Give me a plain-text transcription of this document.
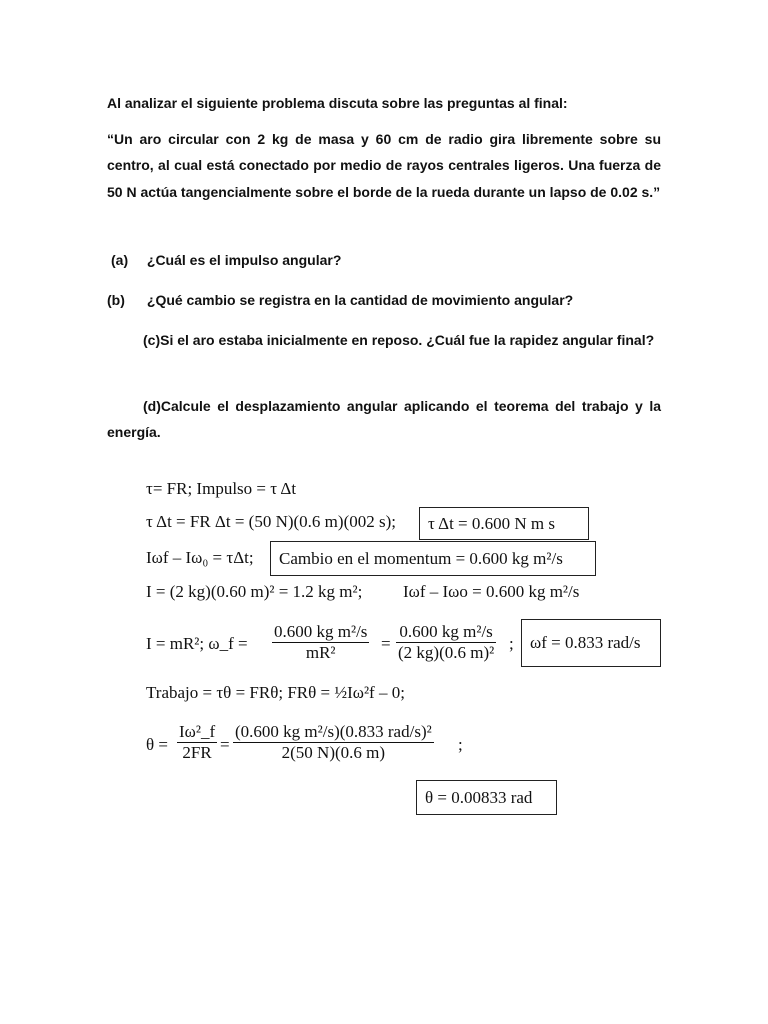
Al analizar el siguiente problema discuta sobre las preguntas al final:

“Un aro circular con 2 kg de masa y 60 cm de radio gira libremente sobre su centro, al cual está conectado por medio de rayos centrales ligeros. Una fuerza de 50 N actúa tangencialmente sobre el borde de la rueda durante un lapso de 0.02 s.”

(a) ¿Cuál es el impulso angular?

(b) ¿Qué cambio se registra en la cantidad de movimiento angular?

(c)Si el aro estaba inicialmente en reposo. ¿Cuál fue la rapidez angular final?

(d)Calcule el desplazamiento angular aplicando el teorema del trabajo y la energía.

τ= FR; Impulso = τ Δt
τ Δt = FR Δt = (50 N)(0.6 m)(002 s);	τ Δt = 0.600 N m s
Iωf – Iω₀ = τΔt;	Cambio en el momentum = 0.600 kg m²/s
I = (2 kg)(0.60 m)² = 1.2 kg m²; Iωf – Iωo = 0.600 kg m²/s
I = mR²; ω_f = $\frac{\text{0.600 kg m²/s}}{\text{mR²}} = \frac{\text{0.600 kg m²/s}}{\text{(2 kg)(0.6 m)²}}$ ; ωf = 0.833 rad/s
Trabajo = τθ = FRθ; FRθ = ½Iω²f – 0;
$\theta = \frac{\text{Iω²\_f}}{2FR}$ =
(0.600 kg m²/s)(0.833 rad/s)²
2(50 N)(0.6 m)	;
θ = 0.00833 rad
